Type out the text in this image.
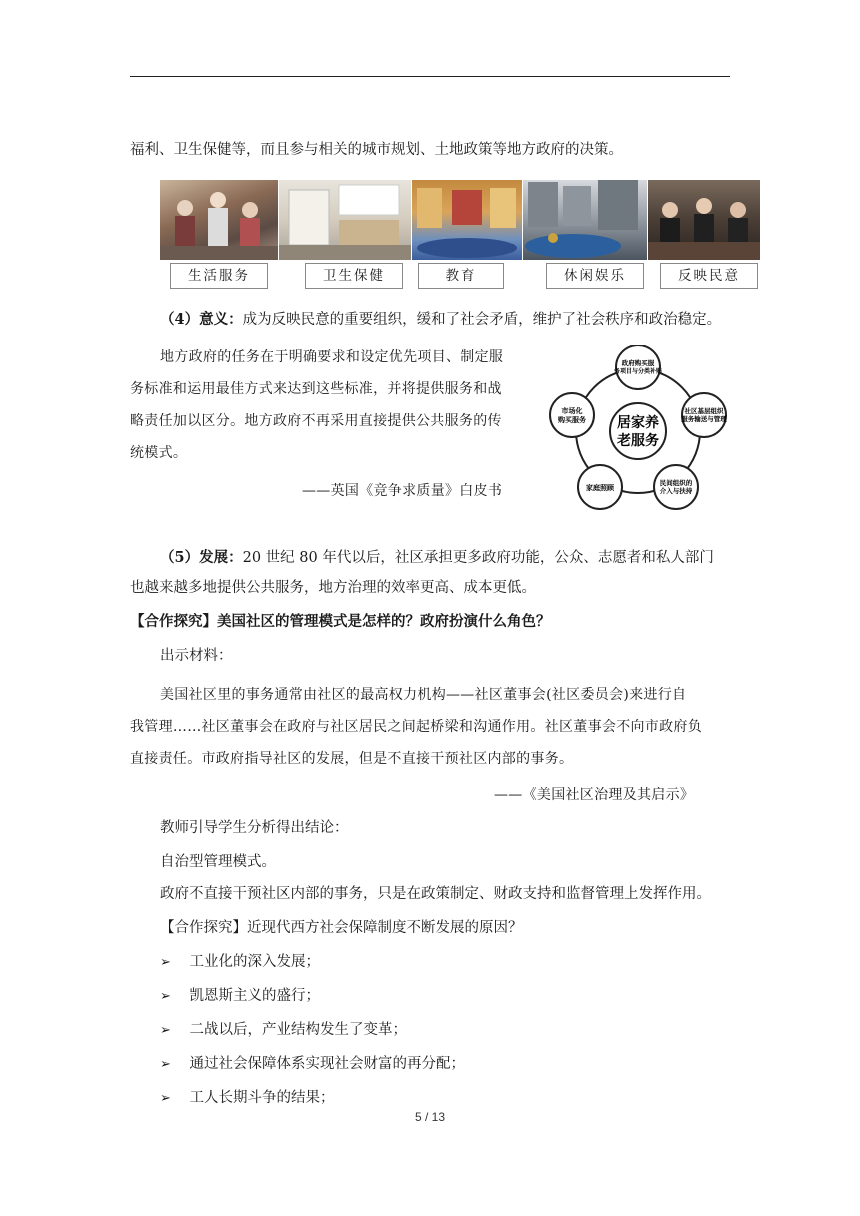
福利、卫生保健等，而且参与相关的城市规划、土地政策等地方政府的决策。
生活服务	卫生保健	教育	休闲娱乐	反映民意
（4）意义：成为反映民意的重要组织，缓和了社会矛盾，维护了社会秩序和政治稳定。
地方政府的任务在于明确要求和设定优先项目、制定服
务标准和运用最佳方式来达到这些标准，并将提供服务和战
略责任加以区分。地方政府不再采用直接提供公共服务的传
统模式。
——英国《竞争求质量》白皮书
居家养
老服务
政府购买服
务项目与分类补贴
社区基层组织
服务输送与管理
民间组织的
介入与扶持
家庭照顾
市场化
购买服务
（5）发展：20 世纪 80 年代以后，社区承担更多政府功能，公众、志愿者和私人部门
也越来越多地提供公共服务，地方治理的效率更高、成本更低。
【合作探究】美国社区的管理模式是怎样的？政府扮演什么角色？
出示材料：
美国社区里的事务通常由社区的最高权力机构——社区董事会(社区委员会)来进行自
我管理……社区董事会在政府与社区居民之间起桥梁和沟通作用。社区董事会不向市政府负
直接责任。市政府指导社区的发展，但是不直接干预社区内部的事务。
——《美国社区治理及其启示》
教师引导学生分析得出结论：
自治型管理模式。
政府不直接干预社区内部的事务，只是在政策制定、财政支持和监督管理上发挥作用。
【合作探究】近现代西方社会保障制度不断发展的原因？
➢ 工业化的深入发展；
➢ 凯恩斯主义的盛行；
➢ 二战以后，产业结构发生了变革；
➢ 通过社会保障体系实现社会财富的再分配；
➢ 工人长期斗争的结果；
5 / 13
